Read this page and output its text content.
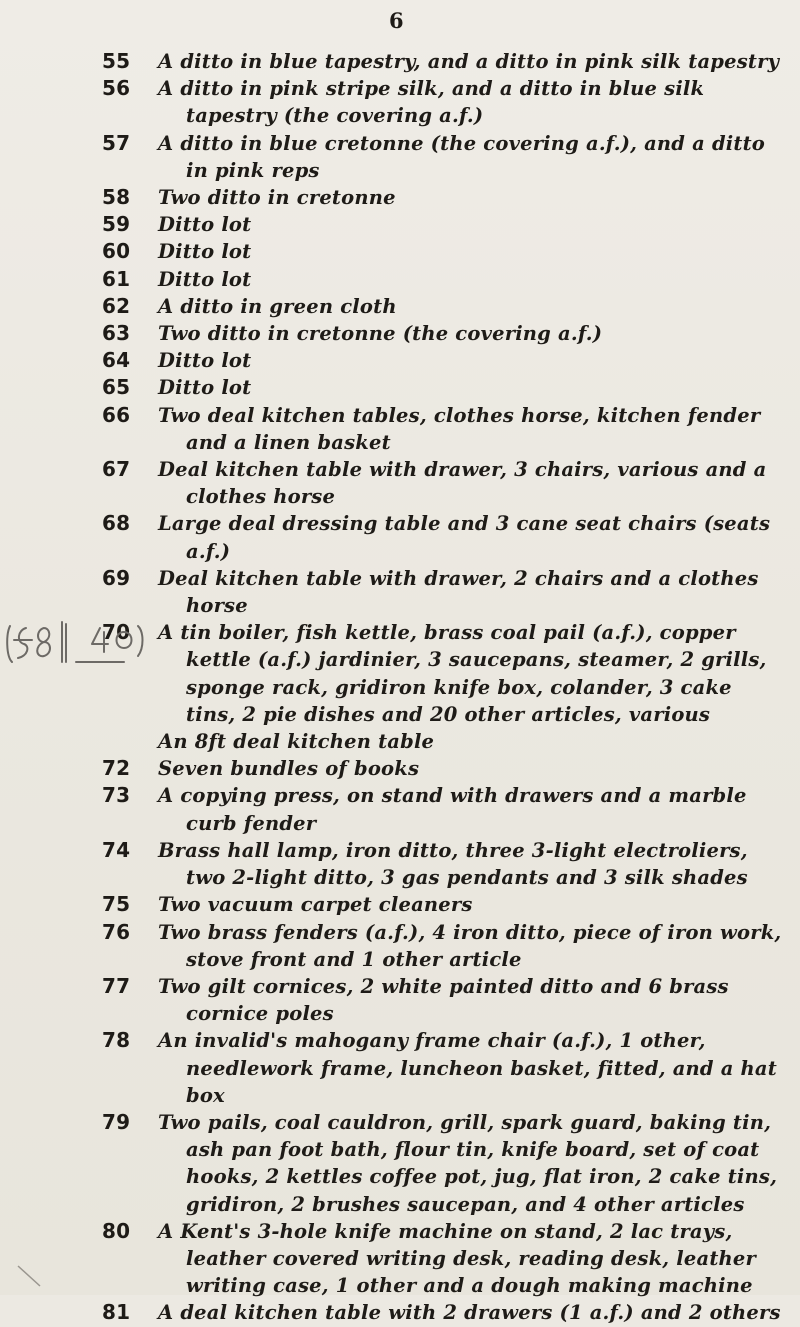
6
55	A ditto in blue tapestry, and a ditto in pink silk tapestry
56	A ditto in pink stripe silk, and a ditto in blue silk tapestry (the covering a.f.)
57	A ditto in blue cretonne (the covering a.f.), and a ditto in pink reps
58	Two ditto in cretonne
59	Ditto lot
60	Ditto lot
61	Ditto lot
62	A ditto in green cloth
63	Two ditto in cretonne (the covering a.f.)
64	Ditto lot
65	Ditto lot
66	Two deal kitchen tables, clothes horse, kitchen fender and a linen basket
67	Deal kitchen table with drawer, 3 chairs, various and a clothes horse
68	Large deal dressing table and 3 cane seat chairs (seats a.f.)
69	Deal kitchen table with drawer, 2 chairs and a clothes horse
70	A tin boiler, fish kettle, brass coal pail (a.f.), copper kettle (a.f.) jardinier, 3 saucepans, steamer, 2 grills, sponge rack, gridiron knife box, colander, 3 cake tins, 2 pie dishes and 20 other articles, various
An 8ft deal kitchen table
72	Seven bundles of books
73	A copying press, on stand with drawers and a marble curb fender
74	Brass hall lamp, iron ditto, three 3-light electroliers, two 2-light ditto, 3 gas pendants and 3 silk shades
75	Two vacuum carpet cleaners
76	Two brass fenders (a.f.), 4 iron ditto, piece of iron work, stove front and 1 other article
77	Two gilt cornices, 2 white painted ditto and 6 brass cornice poles
78	An invalid's mahogany frame chair (a.f.), 1 other, needlework frame, luncheon basket, fitted, and a hat box
79	Two pails, coal cauldron, grill, spark guard, baking tin, ash pan foot bath, flour tin, knife board, set of coat hooks, 2 kettles coffee pot, jug, flat iron, 2 cake tins, gridiron, 2 brushes saucepan, and 4 other articles
80	A Kent's 3-hole knife machine on stand, 2 lac trays, leather covered writing desk, reading desk, leather writing case, 1 other and a dough making machine
81	A deal kitchen table with 2 drawers (1 a.f.) and 2 others
